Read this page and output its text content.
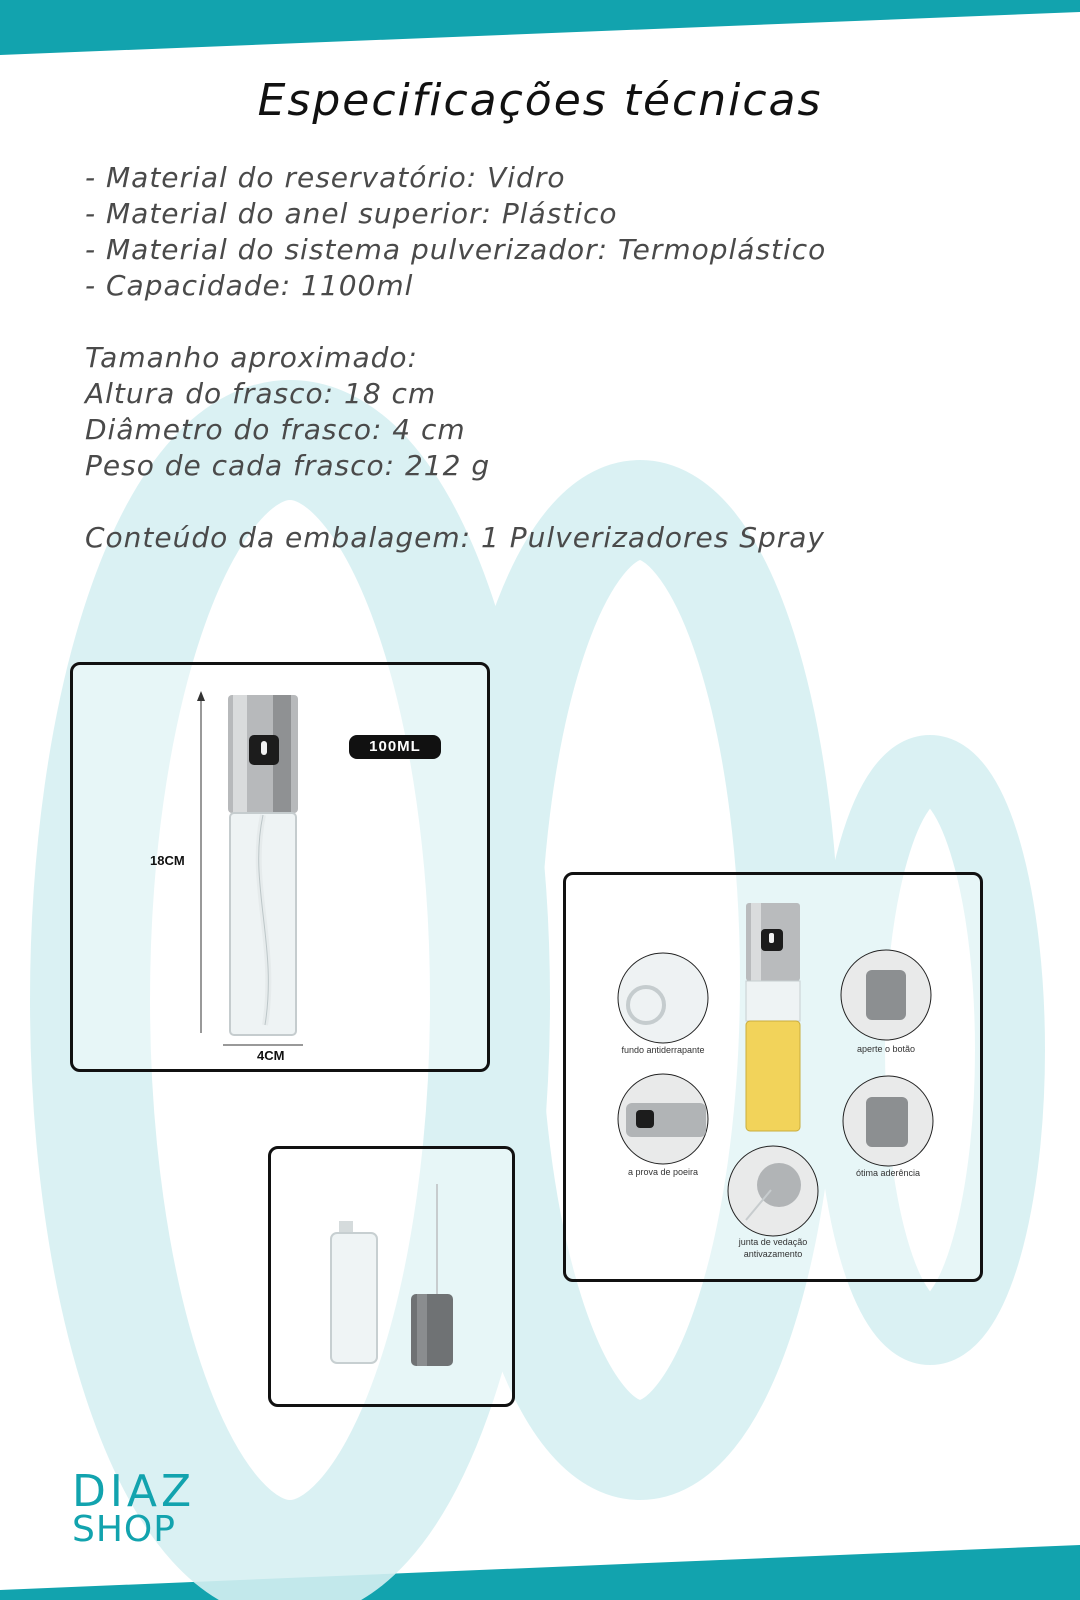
Especificações técnicas

- Material do reservatório: Vidro

- Material do anel superior: Plástico

- Material do sistema pulverizador: Termoplástico

- Capacidade: 1100ml

Tamanho aproximado:

Altura do frasco: 18 cm

Diâmetro do frasco: 4 cm

Peso de cada frasco: 212 g

Conteúdo da embalagem: 1 Pulverizadores Spray

18CM
4CM
100ML
fundo antiderrapante	aperte o botão
a prova de poeira	ótima aderência
junta de vedação
antivazamento
DIAZ
SHOP
